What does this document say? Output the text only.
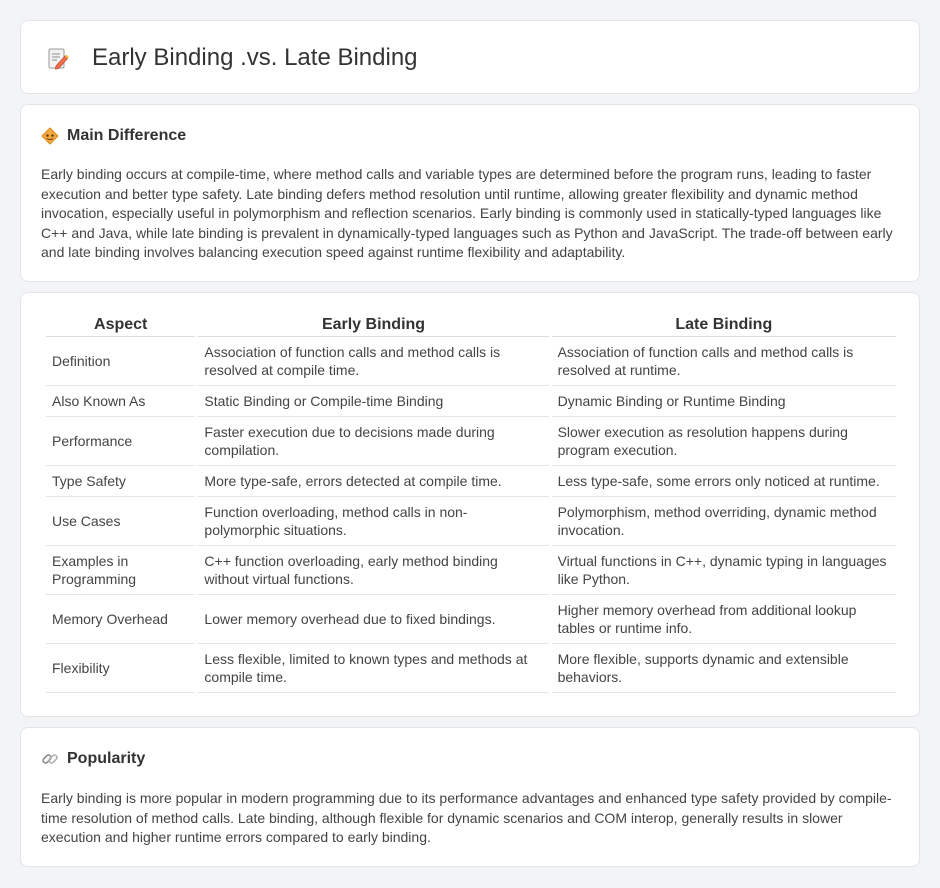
Early Binding .vs. Late Binding
Main Difference

Early binding occurs at compile-time, where method calls and variable types are determined before the program runs, leading to faster execution and better type safety. Late binding defers method resolution until runtime, allowing greater flexibility and dynamic method invocation, especially useful in polymorphism and reflection scenarios. Early binding is commonly used in statically-typed languages like C++ and Java, while late binding is prevalent in dynamically-typed languages such as Python and JavaScript. The trade-off between early and late binding involves balancing execution speed against runtime flexibility and adaptability.

Aspect	Early Binding	Late Binding
Definition	Association of function calls and method calls is resolved at compile time.	Association of function calls and method calls is resolved at runtime.
Also Known As	Static Binding or Compile-time Binding	Dynamic Binding or Runtime Binding
Performance	Faster execution due to decisions made during compilation.	Slower execution as resolution happens during program execution.
Type Safety	More type-safe, errors detected at compile time.	Less type-safe, some errors only noticed at runtime.
Use Cases	Function overloading, method calls in non-polymorphic situations.	Polymorphism, method overriding, dynamic method invocation.
Examples in Programming	C++ function overloading, early method binding without virtual functions.	Virtual functions in C++, dynamic typing in languages like Python.
Memory Overhead	Lower memory overhead due to fixed bindings.	Higher memory overhead from additional lookup tables or runtime info.
Flexibility	Less flexible, limited to known types and methods at compile time.	More flexible, supports dynamic and extensible behaviors.
Popularity

Early binding is more popular in modern programming due to its performance advantages and enhanced type safety provided by compile-time resolution of method calls. Late binding, although flexible for dynamic scenarios and COM interop, generally results in slower execution and higher runtime errors compared to early binding.
